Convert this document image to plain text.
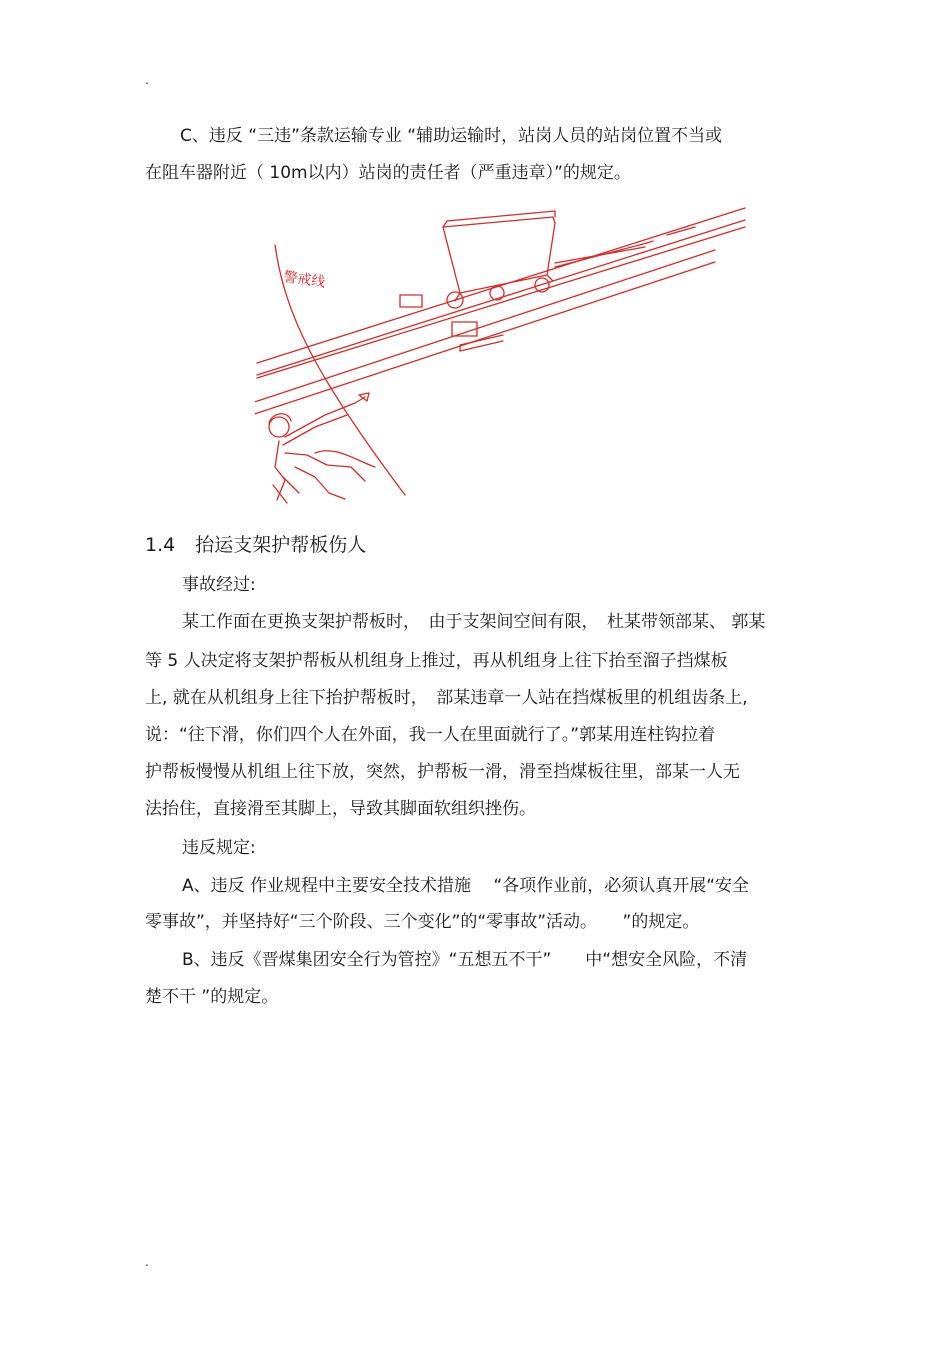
.
C、违反 “三违”条款运输专业 “辅助运输时，站岗人员的站岗位置不当或
在阻车器附近（ 10m以内）站岗的责任者（严重违章）”的规定。
警戒线
1.4 抬运支架护帮板伤人
事故经过:
某工作面在更换支架护帮板时，　由于支架间空间有限，　杜某带领部某、 郭某
等 5 人决定将支架护帮板从机组身上推过，再从机组身上往下抬至溜子挡煤板
上, 就在从机组身上往下抬护帮板时，　部某违章一人站在挡煤板里的机组齿条上,
说：“往下滑，你们四个人在外面，我一人在里面就行了。”郭某用连柱钩拉着
护帮板慢慢从机组上往下放，突然，护帮板一滑，滑至挡煤板往里，部某一人无
法抬住，直接滑至其脚上，导致其脚面软组织挫伤。
违反规定:
A、违反 作业规程中主要安全技术措施 　“各项作业前，必须认真开展“安全
零事故”，并坚持好“三个阶段、三个变化”的“零事故”活动。　　”的规定。
B、违反《晋煤集团安全行为管控》“五想五不干”　　中“想安全风险，不清
楚不干 ”的规定。
.
